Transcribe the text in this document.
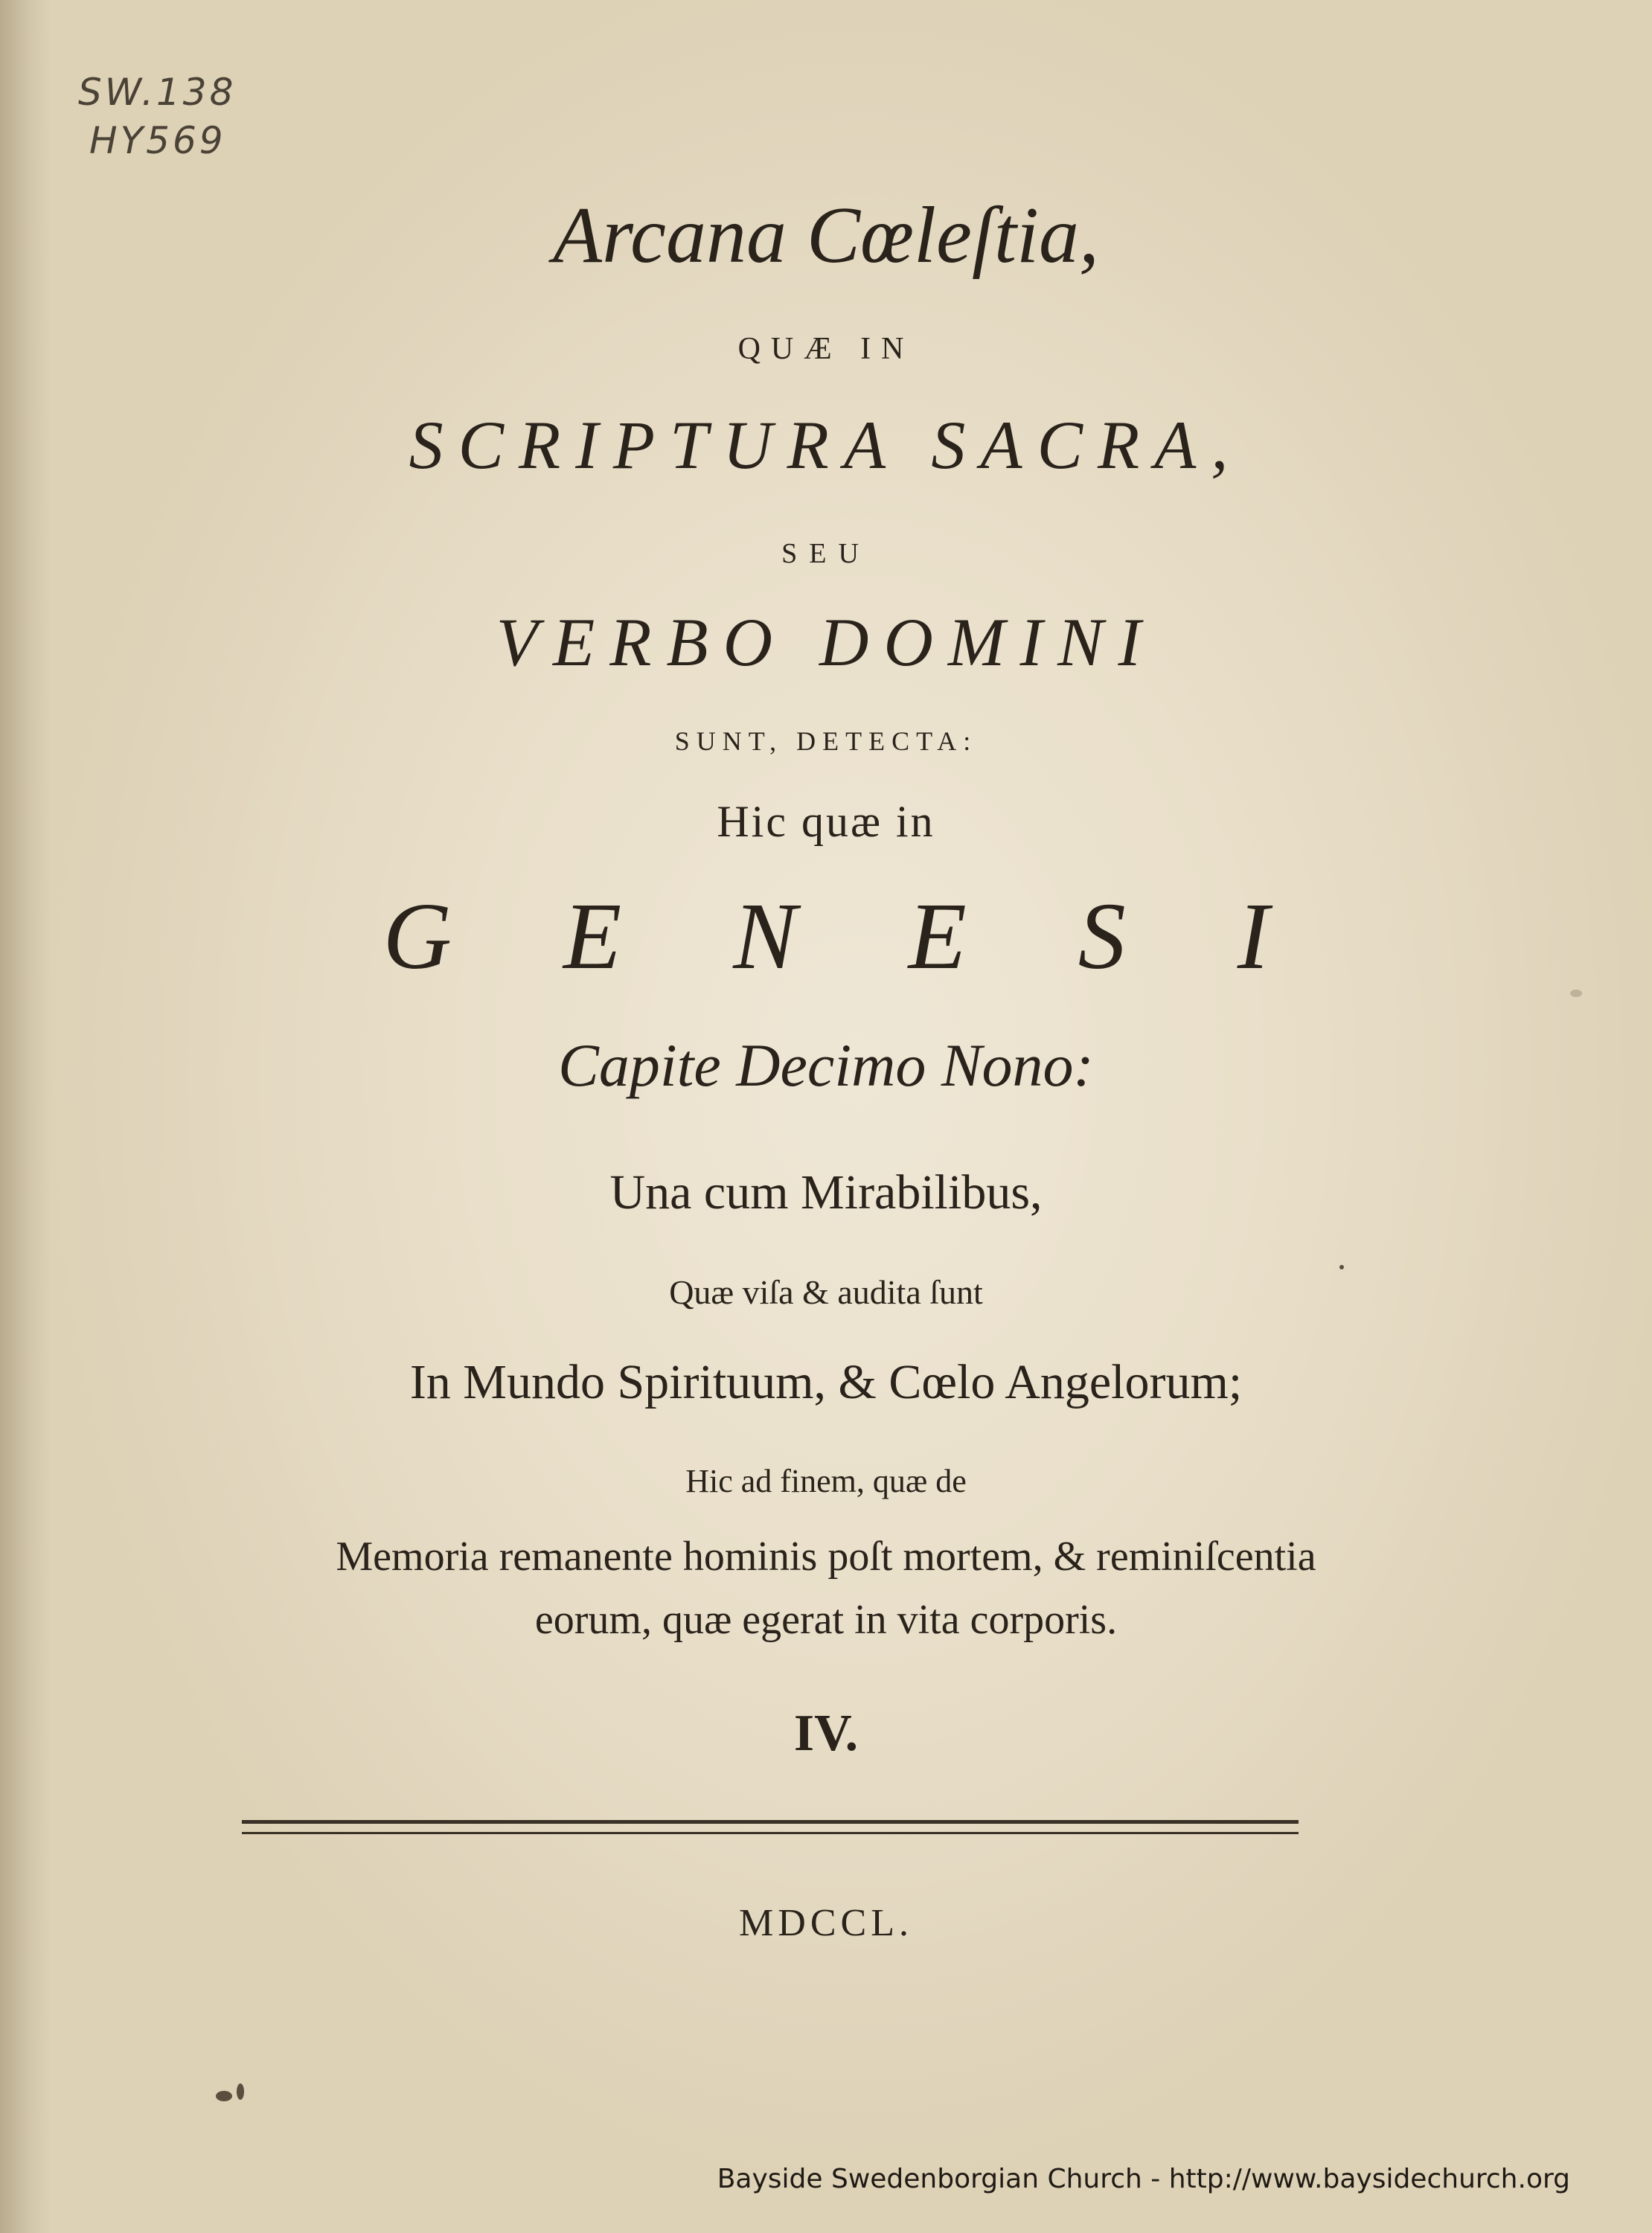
SW.138
HY569
Arcana Cœleſtia,
QUÆ IN
SCRIPTURA SACRA,
SEU
VERBO DOMINI
SUNT, DETECTA:
Hic quæ in
GENESI
Capite Decimo Nono:
Una cum Mirabilibus,
Quæ viſa & audita ſunt
In Mundo Spirituum, & Cœlo Angelorum;
Hic ad finem, quæ de
Memoria remanente hominis poſt mortem, & reminiſcentia
eorum, quæ egerat in vita corporis.
IV.
MDCCL.
Bayside Swedenborgian Church - http://www.baysidechurch.org
